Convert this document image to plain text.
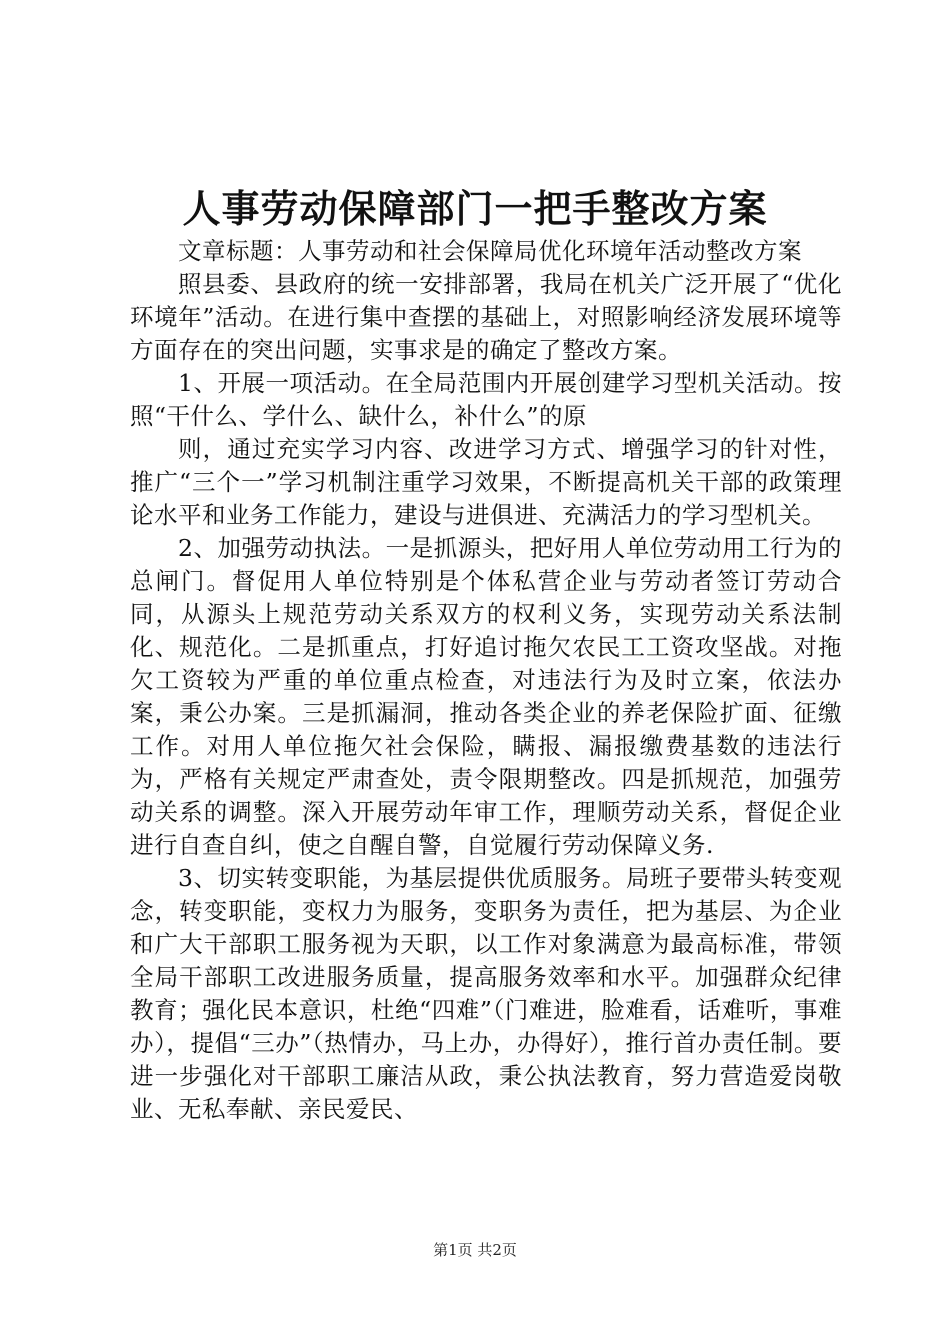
人事劳动保障部门一把手整改方案

文章标题：人事劳动和社会保障局优化环境年活动整改方案

照县委、县政府的统一安排部署，我局在机关广泛开展了“优化环境年”活动。在进行集中查摆的基础上，对照影响经济发展环境等方面存在的突出问题，实事求是的确定了整改方案。

1、开展一项活动。在全局范围内开展创建学习型机关活动。按照“干什么、学什么、缺什么，补什么”的原

则，通过充实学习内容、改进学习方式、增强学习的针对性，推广“三个一”学习机制注重学习效果，不断提高机关干部的政策理论水平和业务工作能力，建设与进俱进、充满活力的学习型机关。

2、加强劳动执法。一是抓源头，把好用人单位劳动用工行为的总闸门。督促用人单位特别是个体私营企业与劳动者签订劳动合同，从源头上规范劳动关系双方的权利义务，实现劳动关系法制化、规范化。二是抓重点，打好追讨拖欠农民工工资攻坚战。对拖欠工资较为严重的单位重点检查，对违法行为及时立案，依法办案，秉公办案。三是抓漏洞，推动各类企业的养老保险扩面、征缴工作。对用人单位拖欠社会保险，瞒报、漏报缴费基数的违法行为，严格有关规定严肃查处，责令限期整改。四是抓规范，加强劳动关系的调整。深入开展劳动年审工作，理顺劳动关系，督促企业进行自查自纠，使之自醒自警，自觉履行劳动保障义务.

3、切实转变职能，为基层提供优质服务。局班子要带头转变观念，转变职能，变权力为服务，变职务为责任，把为基层、为企业和广大干部职工服务视为天职，以工作对象满意为最高标准，带领全局干部职工改进服务质量，提高服务效率和水平。加强群众纪律教育；强化民本意识，杜绝“四难”（门难进，脸难看，话难听，事难办），提倡“三办”（热情办，马上办，办得好），推行首办责任制。要进一步强化对干部职工廉洁从政，秉公执法教育，努力营造爱岗敬业、无私奉献、亲民爱民、

第1页 共2页
